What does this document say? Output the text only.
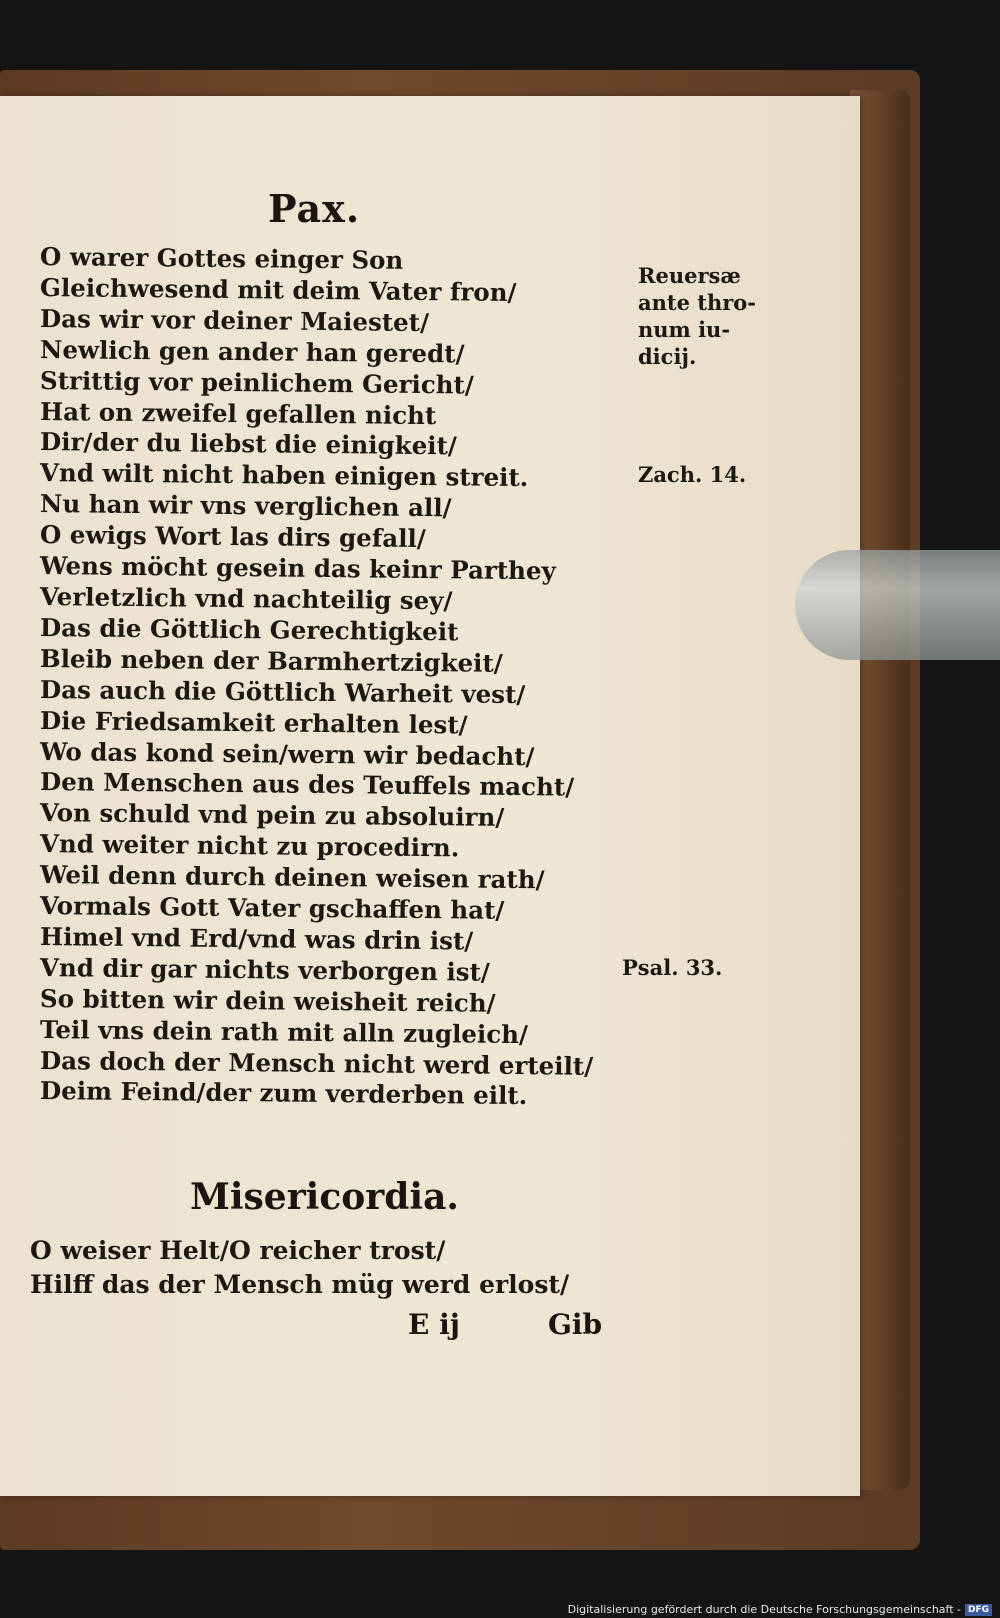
Pax.
O warer Gottes einger Son
Gleichwesend mit deim Vater fron/
Das wir vor deiner Maiestet/
Newlich gen ander han geredt/
Strittig vor peinlichem Gericht/
Hat on zweifel gefallen nicht
Dir/der du liebst die einigkeit/
Vnd wilt nicht haben einigen streit.
Nu han wir vns verglichen all/
O ewigs Wort las dirs gefall/
Wens möcht gesein das keinr Parthey
Verletzlich vnd nachteilig sey/
Das die Göttlich Gerechtigkeit
Bleib neben der Barmhertzigkeit/
Das auch die Göttlich Warheit vest/
Die Friedsamkeit erhalten lest/
Wo das kond sein/wern wir bedacht/
Den Menschen aus des Teuffels macht/
Von schuld vnd pein zu absoluirn/
Vnd weiter nicht zu procedirn.
Weil denn durch deinen weisen rath/
Vormals Gott Vater gschaffen hat/
Himel vnd Erd/vnd was drin ist/
Vnd dir gar nichts verborgen ist/
So bitten wir dein weisheit reich/
Teil vns dein rath mit alln zugleich/
Das doch der Mensch nicht werd erteilt/
Deim Feind/der zum verderben eilt.
Misericordia.
O weiser Helt/O reicher trost/
Hilff das der Mensch müg werd erlost/
E ij	Gib
Reuersæ
ante thro-
num iu-
dicij.
Zach. 14.
Psal. 33.
Digitalisierung gefördert durch die Deutsche Forschungsgemeinschaft - DFG
